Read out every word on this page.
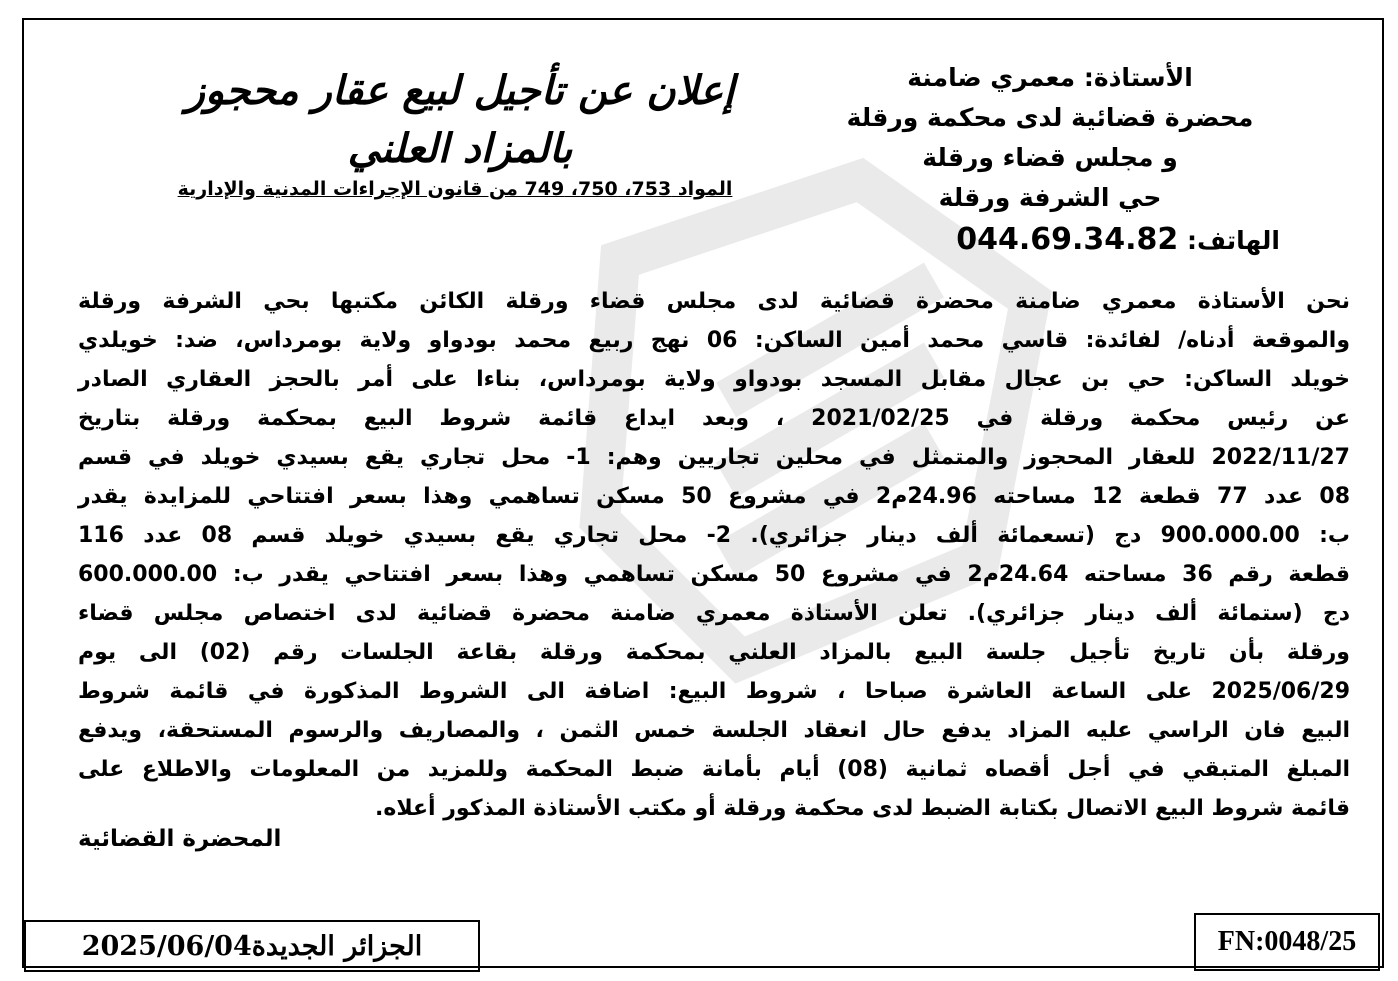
الأستاذة: معمري ضامنة
محضرة قضائية لدى محكمة ورقلة
و مجلس قضاء ورقلة
حي الشرفة ورقلة
الهاتف: 044.69.34.82
إعلان عن تأجيل لبيع عقار محجوز
بالمزاد العلني
المواد 753، 750، 749 من قانون الإجراءات المدنية والإدارية
نحن الأستاذة معمري ضامنة محضرة قضائية لدى مجلس قضاء ورقلة الكائن مكتبها بحي الشرفة ورقلة
والموقعة أدناه/ لفائدة: قاسي محمد أمين الساكن: 06 نهج ربيع محمد بودواو ولاية بومرداس، ضد: خويلدي
خويلد الساكن: حي بن عجال مقابل المسجد بودواو ولاية بومرداس، بناءا على أمر بالحجز العقاري الصادر
عن رئيس محكمة ورقلة في 2021/02/25 ، وبعد ايداع قائمة شروط البيع بمحكمة ورقلة بتاريخ
2022/11/27 للعقار المحجوز والمتمثل في محلين تجاريين وهم: 1- محل تجاري يقع بسيدي خويلد في قسم
08 عدد 77 قطعة 12 مساحته 24.96م2 في مشروع 50 مسكن تساهمي وهذا بسعر افتتاحي للمزايدة يقدر
ب: 900.000.00 دج (تسعمائة ألف دينار جزائري). 2- محل تجاري يقع بسيدي خويلد قسم 08 عدد 116
قطعة رقم 36 مساحته 24.64م2 في مشروع 50 مسكن تساهمي وهذا بسعر افتتاحي يقدر ب: 600.000.00
دج (ستمائة ألف دينار جزائري). تعلن الأستاذة معمري ضامنة محضرة قضائية لدى اختصاص مجلس قضاء
ورقلة بأن تاريخ تأجيل جلسة البيع بالمزاد العلني بمحكمة ورقلة بقاعة الجلسات رقم (02) الى يوم
2025/06/29 على الساعة العاشرة صباحا ، شروط البيع: اضافة الى الشروط المذكورة في قائمة شروط
البيع فان الراسي عليه المزاد يدفع حال انعقاد الجلسة خمس الثمن ، والمصاريف والرسوم المستحقة، ويدفع
المبلغ المتبقي في أجل أقصاه ثمانية (08) أيام بأمانة ضبط المحكمة وللمزيد من المعلومات والاطلاع على
قائمة شروط البيع الاتصال بكتابة الضبط لدى محكمة ورقلة أو مكتب الأستاذة المذكور أعلاه.
المحضرة القضائية
الجزائر الجديدة2025/06/04	FN:0048/25
